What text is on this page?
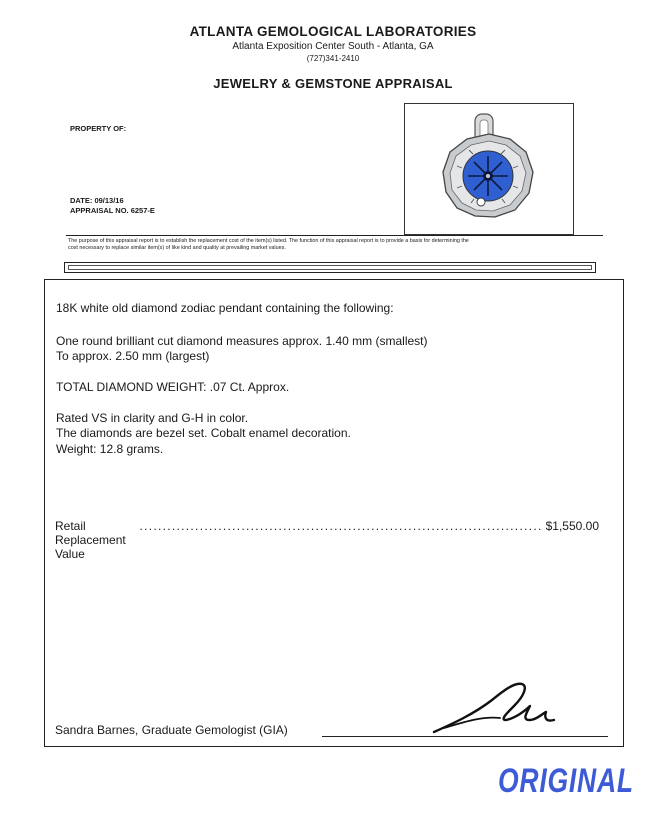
ATLANTA GEMOLOGICAL LABORATORIES
Atlanta Exposition Center South - Atlanta, GA
(727)341-2410
JEWELRY & GEMSTONE APPRAISAL
PROPERTY OF:
DATE: 09/13/16
APPRAISAL NO. 6257-E
The purpose of this appraisal report is to establish the replacement cost of the item(s) listed. The function of this appraisal report is to provide a basis for determining the
cost necessary to replace similar item(s) of like kind and quality at prevailing market values.
18K white old diamond zodiac pendant containing the following:
One round brilliant cut diamond measures approx. 1.40 mm (smallest)
To approx. 2.50 mm (largest)
TOTAL DIAMOND WEIGHT: .07 Ct. Approx.
Rated VS in clarity and G-H in color.
The diamonds are bezel set. Cobalt enamel decoration.
Weight: 12.8 grams.
Retail Replacement Value
....................................................................................... $1,550.00
Sandra Barnes, Graduate Gemologist (GIA)
ORIGINAL
